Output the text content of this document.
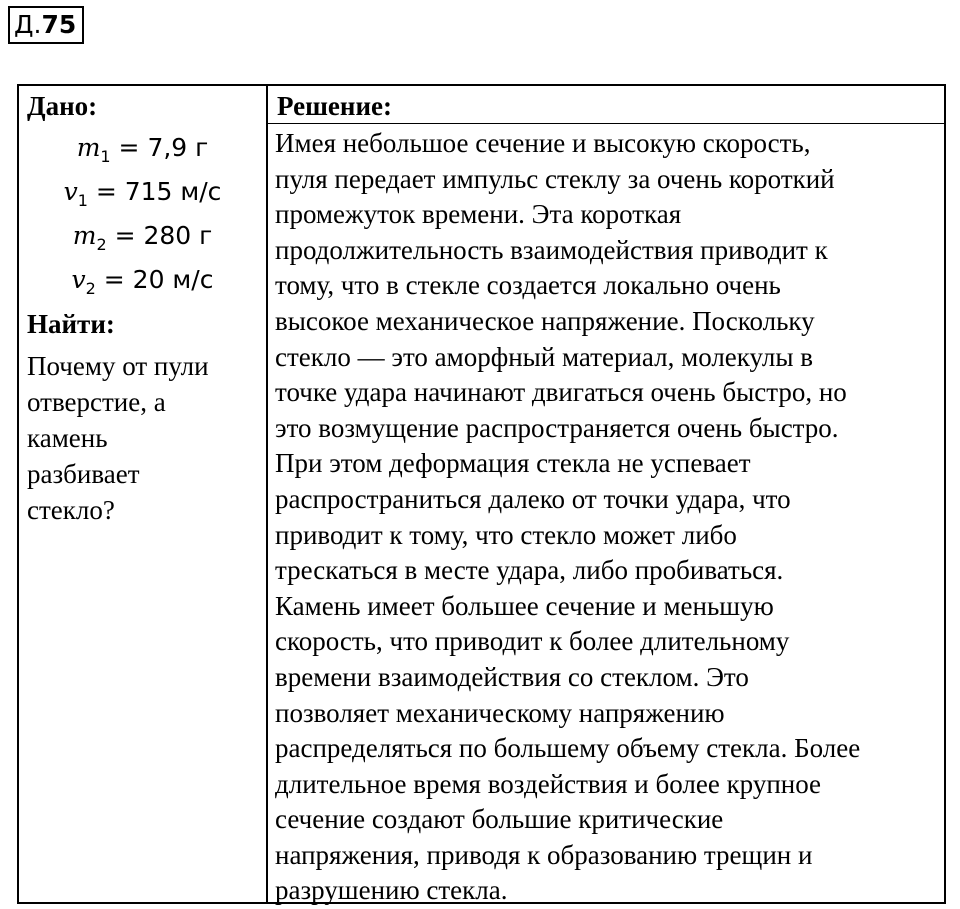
Д.75
Дано:
$m_1 = 7,9$ г
$v_1 = 715$ м/с
$m_2 = 280$ г
$v_2 = 20$ м/с
Найти:
Почему от пули
отверстие, а
камень
разбивает
стекло?
Решение:
Имея небольшое сечение и высокую скорость,
пуля передает импульс стеклу за очень короткий
промежуток времени. Эта короткая
продолжительность взаимодействия приводит к
тому, что в стекле создается локально очень
высокое механическое напряжение. Поскольку
стекло — это аморфный материал, молекулы в
точке удара начинают двигаться очень быстро, но
это возмущение распространяется очень быстро.
При этом деформация стекла не успевает
распространиться далеко от точки удара, что
приводит к тому, что стекло может либо
трескаться в месте удара, либо пробиваться.
Камень имеет большее сечение и меньшую
скорость, что приводит к более длительному
времени взаимодействия со стеклом. Это
позволяет механическому напряжению
распределяться по большему объему стекла. Более
длительное время воздействия и более крупное
сечение создают большие критические
напряжения, приводя к образованию трещин и
разрушению стекла.
